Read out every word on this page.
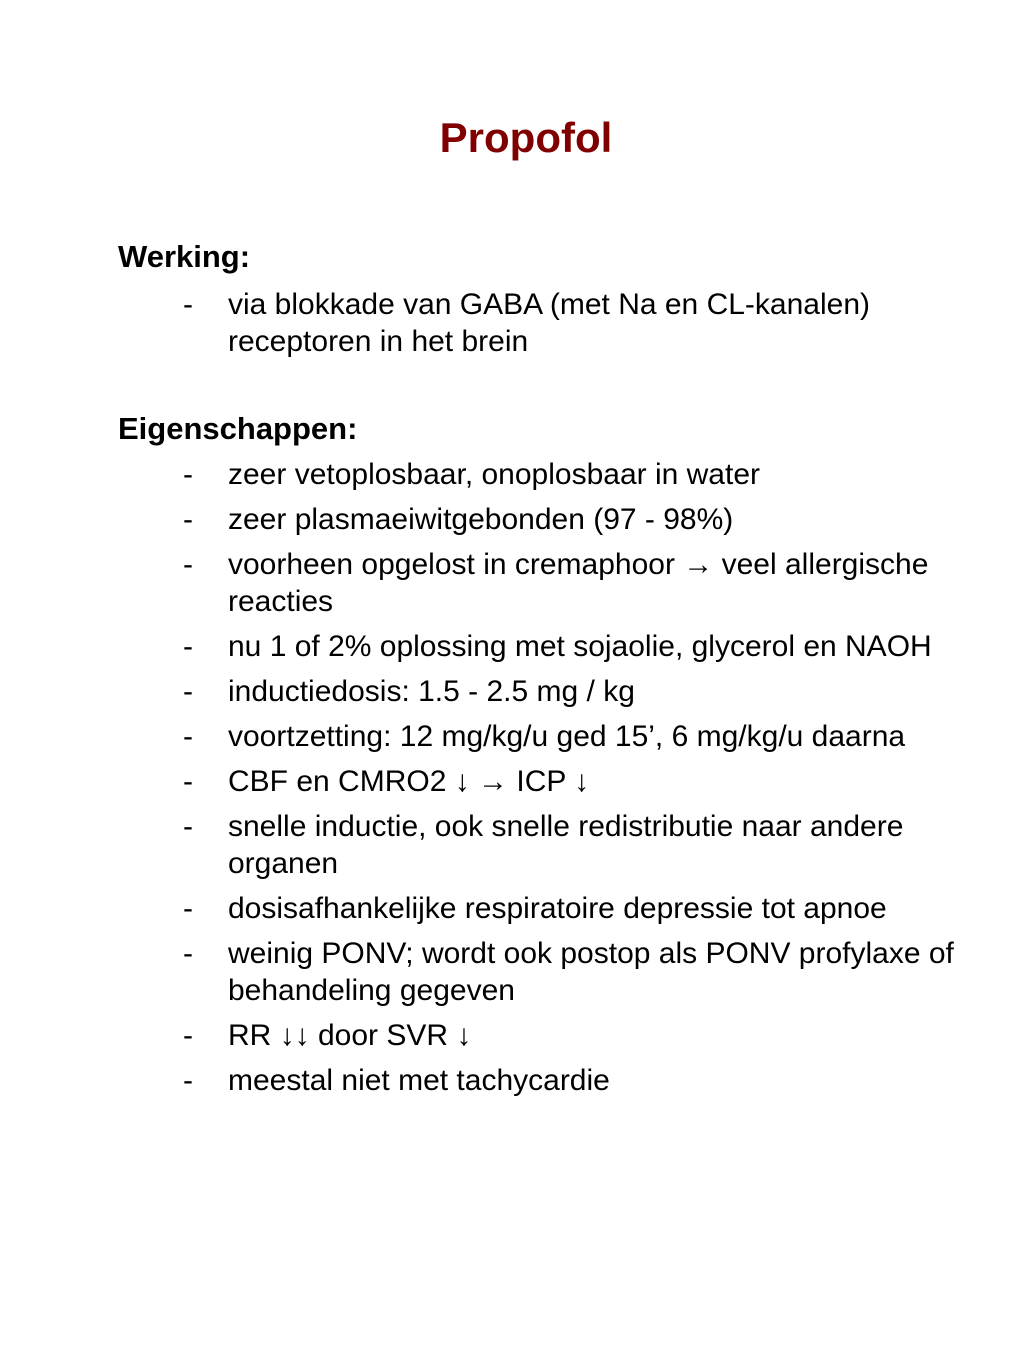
Propofol

Werking:

- via blokkade van GABA (met Na en CL-kanalen) receptoren in het brein

Eigenschappen:

- zeer vetoplosbaar, onoplosbaar in water
- zeer plasmaeiwitgebonden (97 - 98%)
- voorheen opgelost in cremaphoor → veel allergische reacties
- nu 1 of 2% oplossing met sojaolie, glycerol en NAOH
- inductiedosis: 1.5 - 2.5 mg / kg
- voortzetting: 12 mg/kg/u ged 15’, 6 mg/kg/u daarna
- CBF en CMRO2 ↓ → ICP ↓
- snelle inductie, ook snelle redistributie naar andere organen
- dosisafhankelijke respiratoire depressie tot apnoe
- weinig PONV; wordt ook postop als PONV profylaxe of behandeling gegeven
- RR ↓↓ door SVR ↓
- meestal niet met tachycardie
